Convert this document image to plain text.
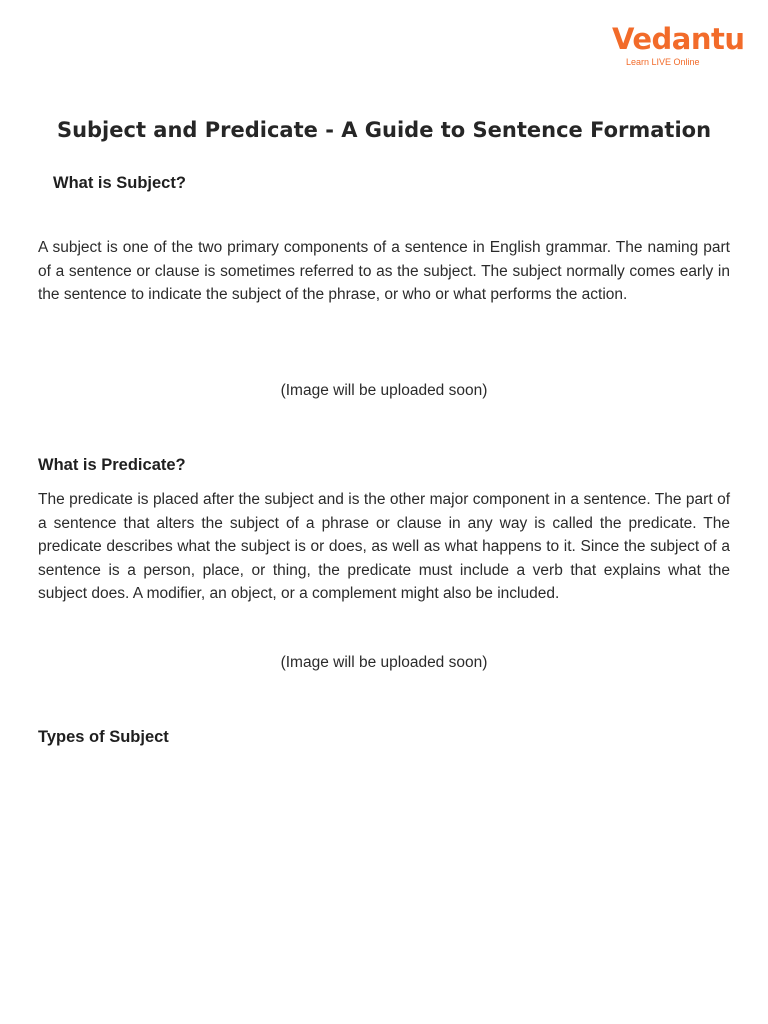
Vedantu
Learn LIVE Online
Subject and Predicate - A Guide to Sentence Formation
What is Subject?

A subject is one of the two primary components of a sentence in English grammar. The naming part of a sentence or clause is sometimes referred to as the subject. The subject normally comes early in the sentence to indicate the subject of the phrase, or who or what performs the action.

(Image will be uploaded soon)
What is Predicate?

The predicate is placed after the subject and is the other major component in a sentence. The part of a sentence that alters the subject of a phrase or clause in any way is called the predicate. The predicate describes what the subject is or does, as well as what happens to it. Since the subject of a sentence is a person, place, or thing, the predicate must include a verb that explains what the subject does. A modifier, an object, or a complement might also be included.

(Image will be uploaded soon)
Types of Subject
